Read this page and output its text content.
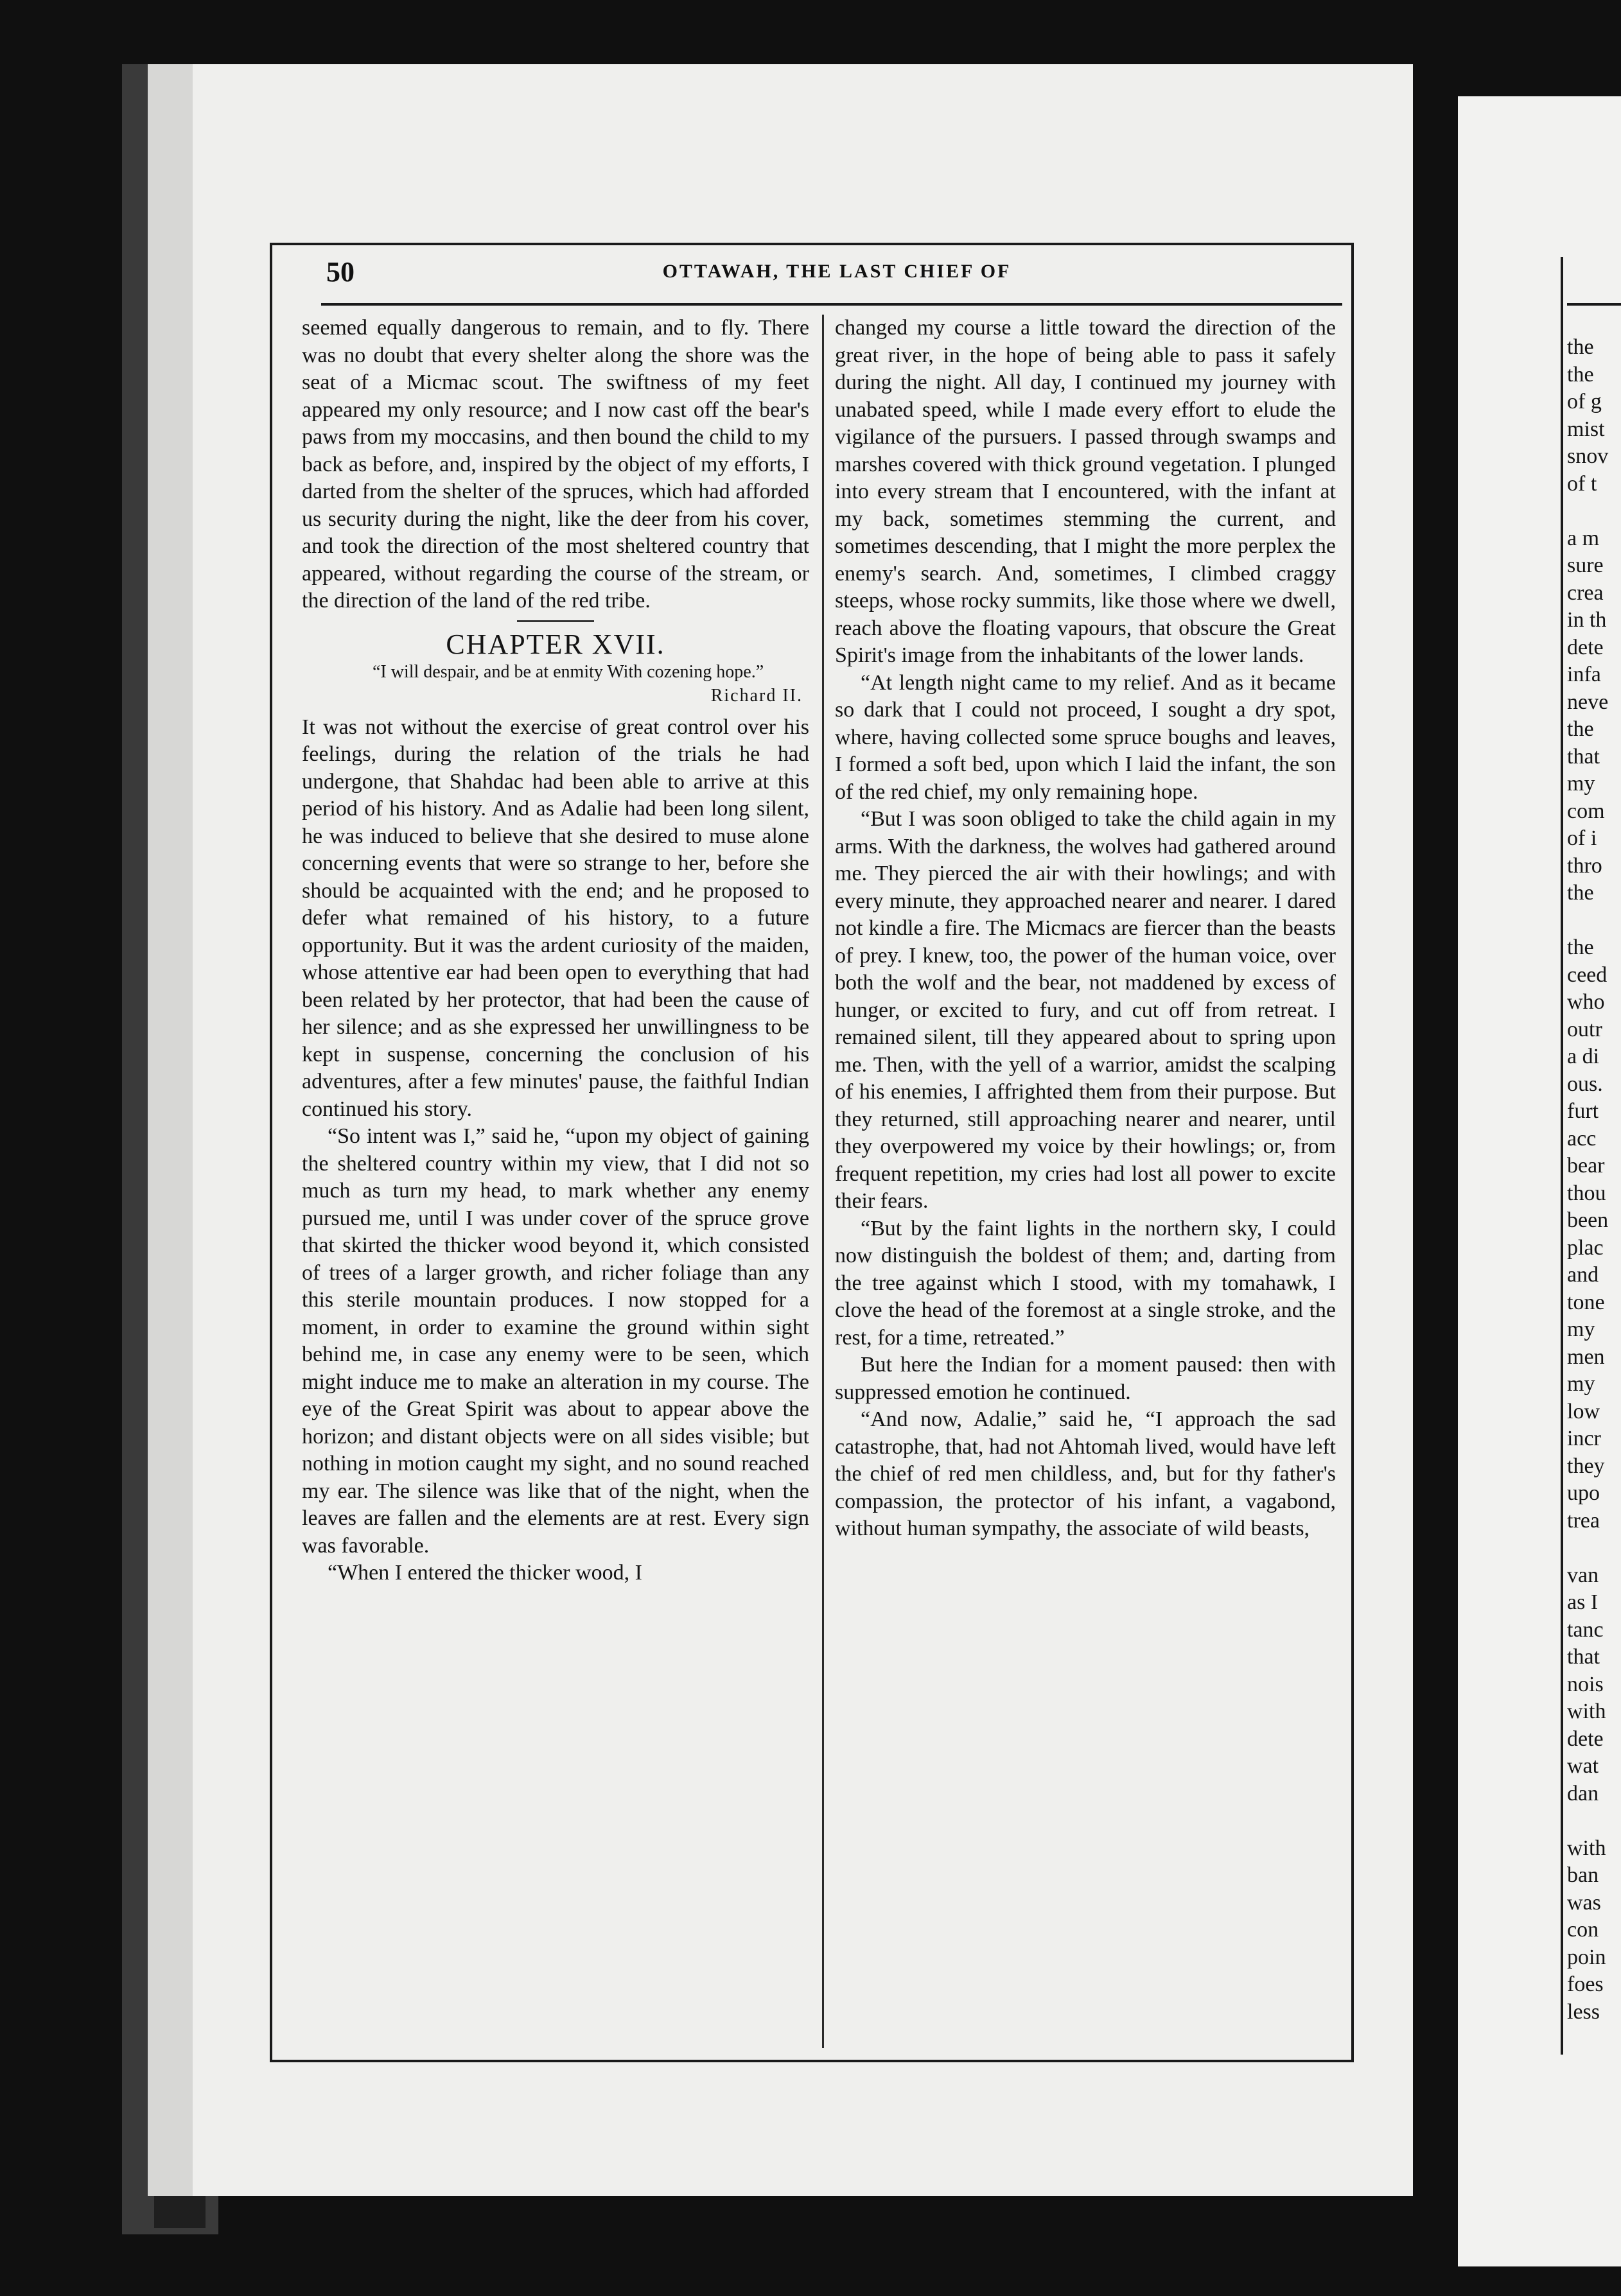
50	OTTAWAH, THE LAST CHIEF OF

seemed equally dangerous to remain, and to fly. There was no doubt that every shelter along the shore was the seat of a Micmac scout. The swiftness of my feet appeared my only resource; and I now cast off the bear's paws from my moccasins, and then bound the child to my back as before, and, inspired by the object of my efforts, I darted from the shelter of the spruces, which had afforded us security during the night, like the deer from his cover, and took the direction of the most sheltered country that appeared, without regarding the course of the stream, or the direction of the land of the red tribe.

CHAPTER XVII.
“I will despair, and be at enmity With cozening hope.”
Richard II.

It was not without the exercise of great control over his feelings, during the relation of the trials he had undergone, that Shahdac had been able to arrive at this period of his history. And as Adalie had been long silent, he was induced to believe that she desired to muse alone concerning events that were so strange to her, before she should be acquainted with the end; and he proposed to defer what remained of his history, to a future opportunity. But it was the ardent curiosity of the maiden, whose attentive ear had been open to everything that had been related by her protector, that had been the cause of her silence; and as she expressed her unwillingness to be kept in suspense, concerning the conclusion of his adventures, after a few minutes' pause, the faithful Indian continued his story.

“So intent was I,” said he, “upon my object of gaining the sheltered country within my view, that I did not so much as turn my head, to mark whether any enemy pursued me, until I was under cover of the spruce grove that skirted the thicker wood beyond it, which consisted of trees of a larger growth, and richer foliage than any this sterile mountain produces. I now stopped for a moment, in order to examine the ground within sight behind me, in case any enemy were to be seen, which might induce me to make an alteration in my course. The eye of the Great Spirit was about to appear above the horizon; and distant objects were on all sides visible; but nothing in motion caught my sight, and no sound reached my ear. The silence was like that of the night, when the leaves are fallen and the elements are at rest. Every sign was favorable.

“When I entered the thicker wood, I

changed my course a little toward the direction of the great river, in the hope of being able to pass it safely during the night. All day, I continued my journey with unabated speed, while I made every effort to elude the vigilance of the pursuers. I passed through swamps and marshes covered with thick ground vegetation. I plunged into every stream that I encountered, with the infant at my back, sometimes stemming the current, and sometimes descending, that I might the more perplex the enemy's search. And, sometimes, I climbed craggy steeps, whose rocky summits, like those where we dwell, reach above the floating vapours, that obscure the Great Spirit's image from the inhabitants of the lower lands.

“At length night came to my relief. And as it became so dark that I could not proceed, I sought a dry spot, where, having collected some spruce boughs and leaves, I formed a soft bed, upon which I laid the infant, the son of the red chief, my only remaining hope.

“But I was soon obliged to take the child again in my arms. With the darkness, the wolves had gathered around me. They pierced the air with their howlings; and with every minute, they approached nearer and nearer. I dared not kindle a fire. The Micmacs are fiercer than the beasts of prey. I knew, too, the power of the human voice, over both the wolf and the bear, not maddened by excess of hunger, or excited to fury, and cut off from retreat. I remained silent, till they appeared about to spring upon me. Then, with the yell of a warrior, amidst the scalping of his enemies, I affrighted them from their purpose. But they returned, still approaching nearer and nearer, until they overpowered my voice by their howlings; or, from frequent repetition, my cries had lost all power to excite their fears.

“But by the faint lights in the northern sky, I could now distinguish the boldest of them; and, darting from the tree against which I stood, with my tomahawk, I clove the head of the foremost at a single stroke, and the rest, for a time, retreated.”

But here the Indian for a moment paused: then with suppressed emotion he continued.

“And now, Adalie,” said he, “I approach the sad catastrophe, that, had not Ahtomah lived, would have left the chief of red men childless, and, but for thy father's compassion, the protector of his infant, a vagabond, without human sympathy, the associate of wild beasts,

the
the
of g
mist
snov
of t

a m
sure
crea
in th
dete
infa
neve
the
that
my
com
of i
thro
the

the
ceed
who
outr
a di
ous.
furt
acc
bear
thou
been
plac
and
tone
my
men
my
low
incr
they
upo
trea

van
as I
tanc
that
nois
with
dete
wat
dan

with
ban
was
con
poin
foes
less
